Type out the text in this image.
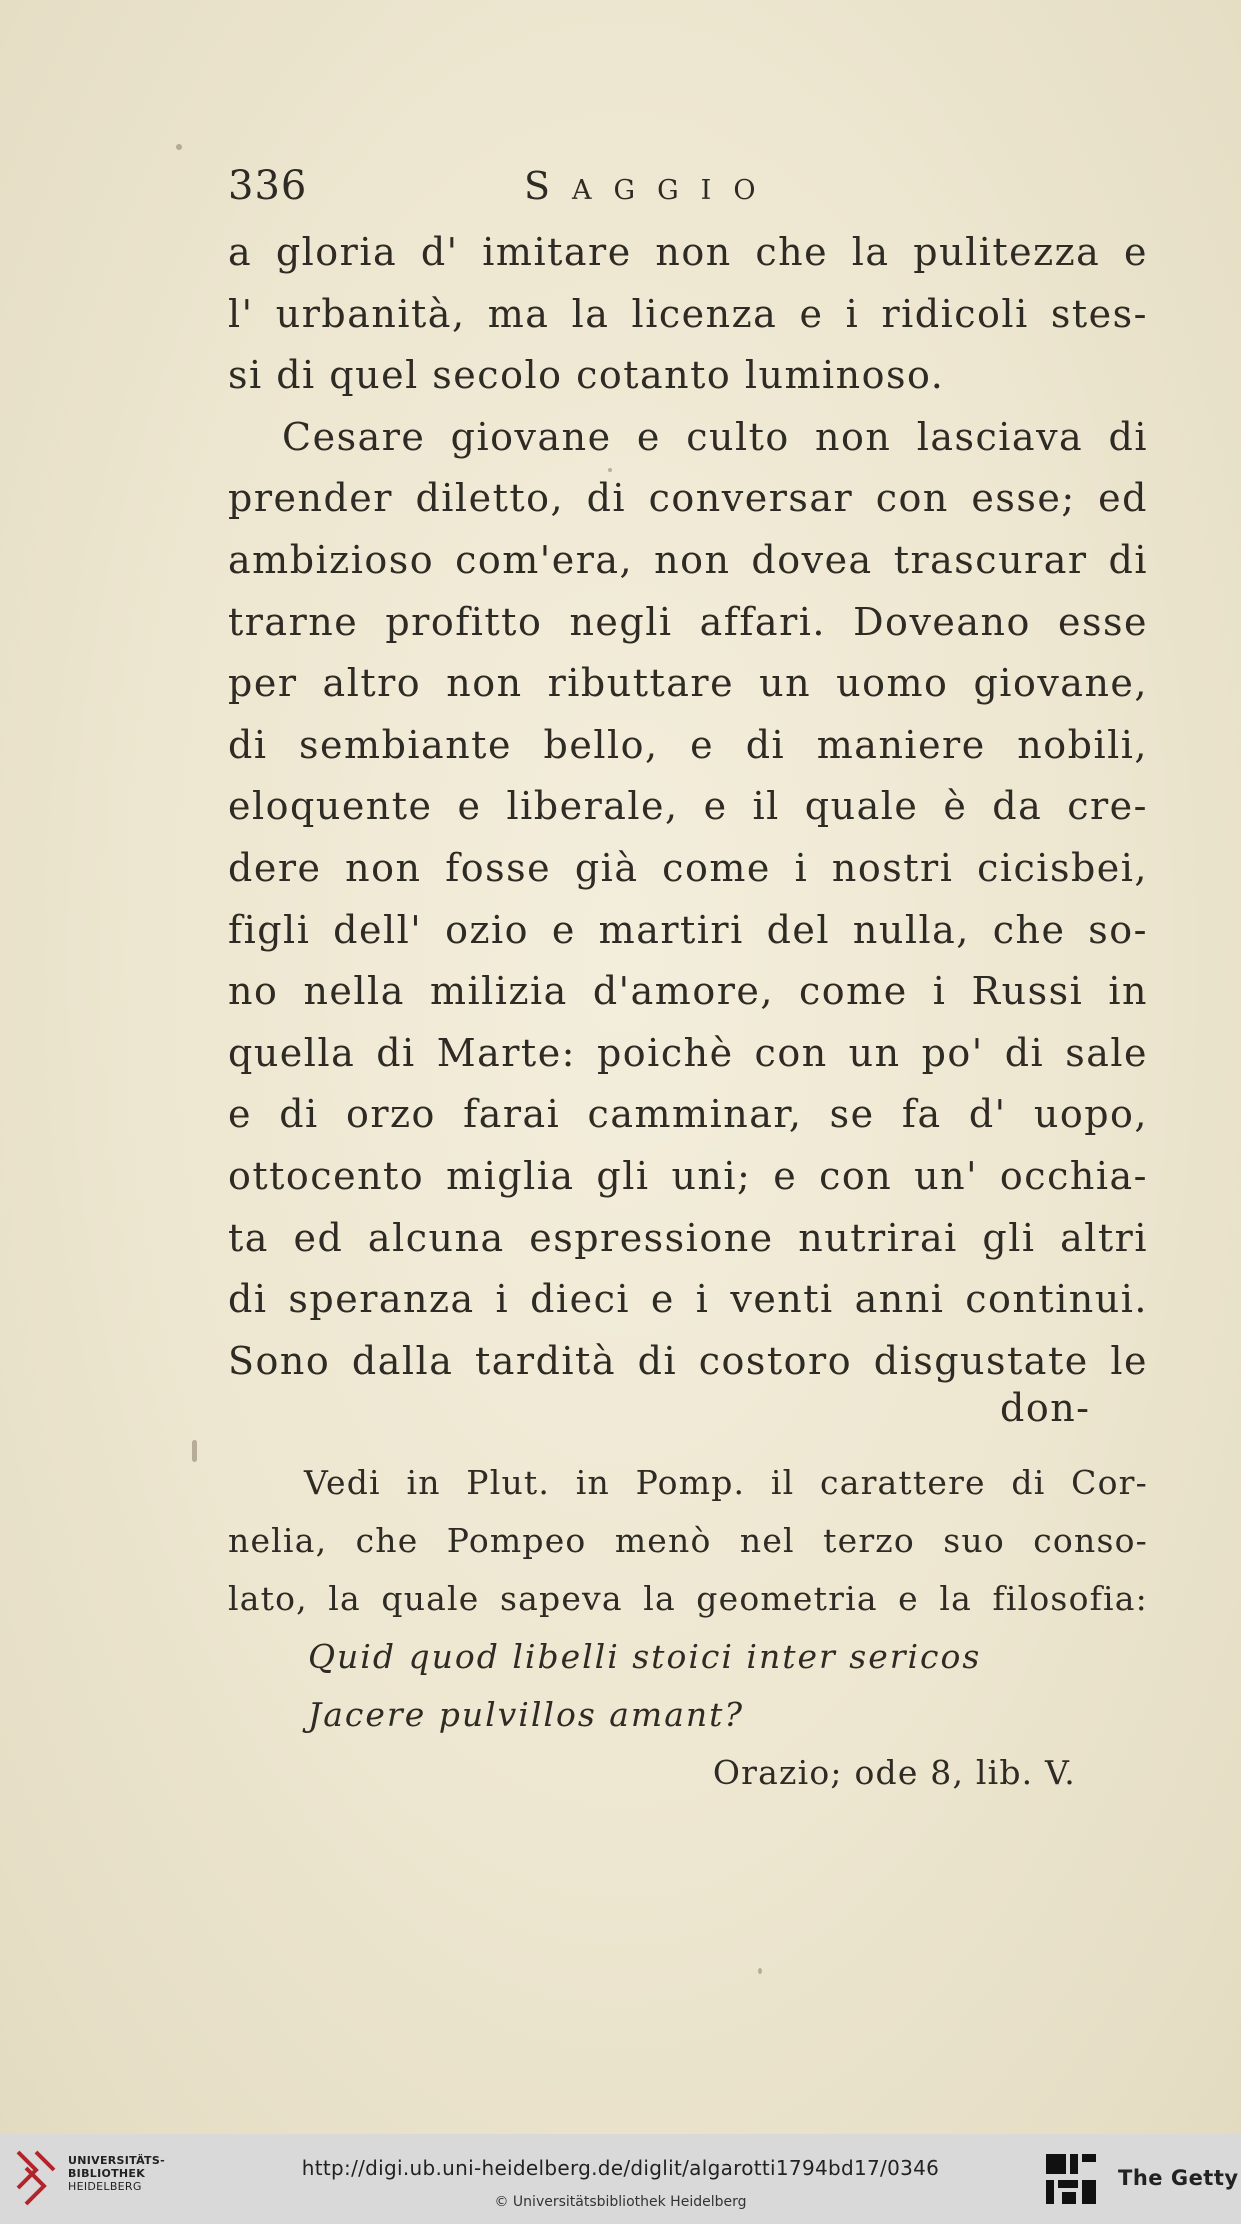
336	Saggio
a gloria d' imitare non che la pulitezza e
l' urbanità, ma la licenza e i ridicoli stes-
si di quel secolo cotanto luminoso.
Cesare giovane e culto non lasciava di
prender diletto, di conversar con esse; ed
ambizioso com'era, non dovea trascurar di
trarne profitto negli affari. Doveano esse
per altro non ributtare un uomo giovane,
di sembiante bello, e di maniere nobili,
eloquente e liberale, e il quale è da cre-
dere non fosse già come i nostri cicisbei,
figli dell' ozio e martiri del nulla, che so-
no nella milizia d'amore, come i Russi in
quella di Marte: poichè con un po' di sale
e di orzo farai camminar, se fa d' uopo,
ottocento miglia gli uni; e con un' occhia-
ta ed alcuna espressione nutrirai gli altri
di speranza i dieci e i venti anni continui.
Sono dalla tardità di costoro disgustate le
don-
Vedi in Plut. in Pomp. il carattere di Cor-
nelia, che Pompeo menò nel terzo suo conso-
lato, la quale sapeva la geometria e la filosofia:
Quid quod libelli stoici inter sericos
Jacere pulvillos amant?
Orazio; ode 8, lib. V.
UNIVERSITÄTS-
BIBLIOTHEK
HEIDELBERG
http://digi.ub.uni-heidelberg.de/diglit/algarotti1794bd17/0346
© Universitätsbibliothek Heidelberg
The Getty
